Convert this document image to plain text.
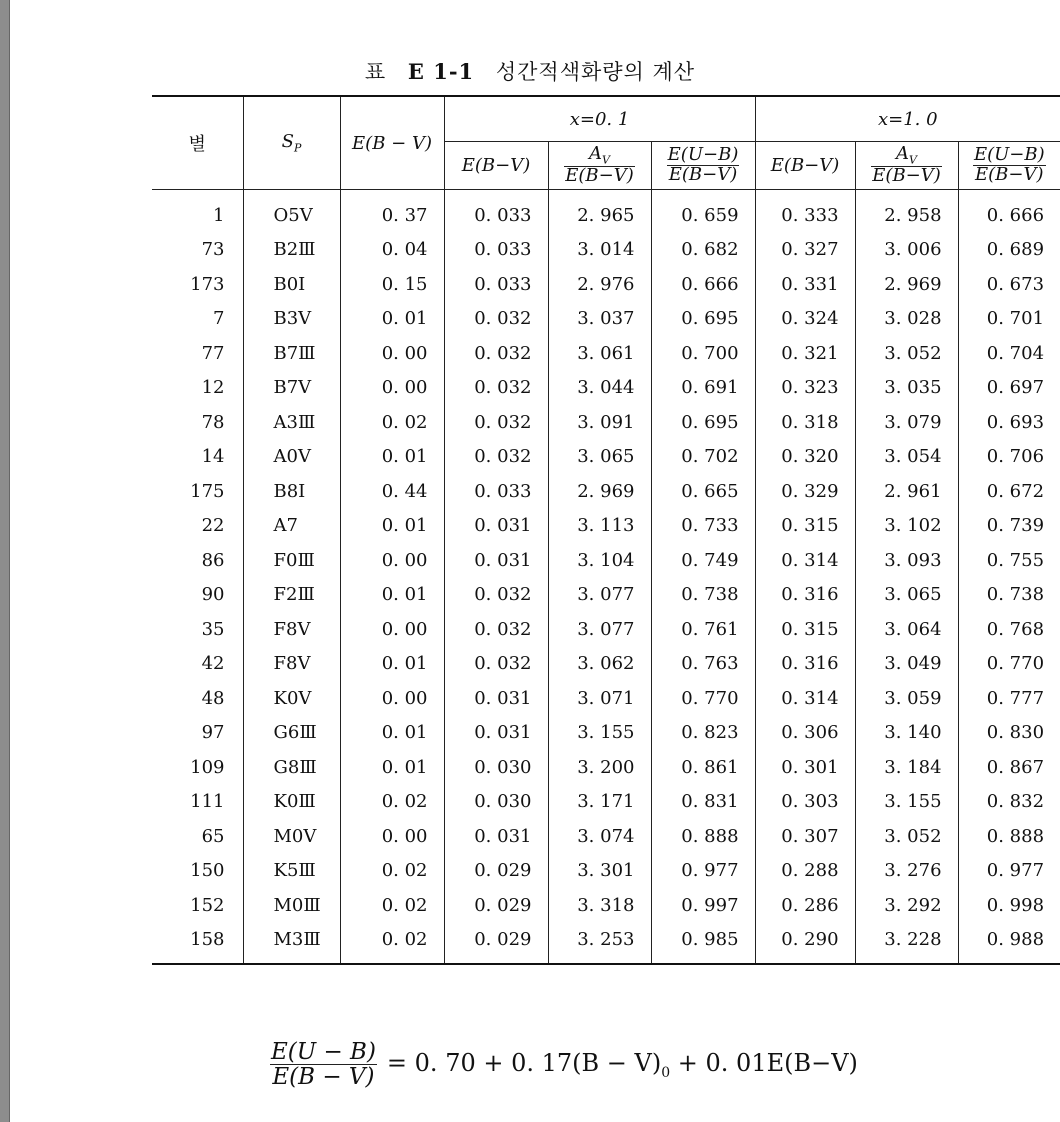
표 E 1-1 성간적색화량의 계산
별	$S_P$	E(B − V)	x=0. 1			x=1. 0		
			E(B−V)	$\frac{A_V}{E(B-V)}$	$\frac{E(U-B)}{E(B-V)}$	E(B−V)	$\frac{A_V}{E(B-V)}$	$\frac{E(U-B)}{E(B-V)}$

1	O5V	0. 37	0. 033	2. 965	0. 659	0. 333	2. 958	0. 666
73	B2Ⅲ	0. 04	0. 033	3. 014	0. 682	0. 327	3. 006	0. 689
173	B0Ⅰ	0. 15	0. 033	2. 976	0. 666	0. 331	2. 969	0. 673
7	B3V	0. 01	0. 032	3. 037	0. 695	0. 324	3. 028	0. 701
77	B7Ⅲ	0. 00	0. 032	3. 061	0. 700	0. 321	3. 052	0. 704
12	B7V	0. 00	0. 032	3. 044	0. 691	0. 323	3. 035	0. 697
78	A3Ⅲ	0. 02	0. 032	3. 091	0. 695	0. 318	3. 079	0. 693
14	A0V	0. 01	0. 032	3. 065	0. 702	0. 320	3. 054	0. 706
175	B8Ⅰ	0. 44	0. 033	2. 969	0. 665	0. 329	2. 961	0. 672
22	A7	0. 01	0. 031	3. 113	0. 733	0. 315	3. 102	0. 739
86	F0Ⅲ	0. 00	0. 031	3. 104	0. 749	0. 314	3. 093	0. 755
90	F2Ⅲ	0. 01	0. 032	3. 077	0. 738	0. 316	3. 065	0. 738
35	F8V	0. 00	0. 032	3. 077	0. 761	0. 315	3. 064	0. 768
42	F8V	0. 01	0. 032	3. 062	0. 763	0. 316	3. 049	0. 770
48	K0V	0. 00	0. 031	3. 071	0. 770	0. 314	3. 059	0. 777
97	G6Ⅲ	0. 01	0. 031	3. 155	0. 823	0. 306	3. 140	0. 830
109	G8Ⅲ	0. 01	0. 030	3. 200	0. 861	0. 301	3. 184	0. 867
111	K0Ⅲ	0. 02	0. 030	3. 171	0. 831	0. 303	3. 155	0. 832
65	M0V	0. 00	0. 031	3. 074	0. 888	0. 307	3. 052	0. 888
150	K5Ⅲ	0. 02	0. 029	3. 301	0. 977	0. 288	3. 276	0. 977
152	M0Ⅲ	0. 02	0. 029	3. 318	0. 997	0. 286	3. 292	0. 998
158	M3Ⅲ	0. 02	0. 029	3. 253	0. 985	0. 290	3. 228	0. 988
$\frac{E(U - B)}{E(B - V)} = 0$. 70 + 0. $17(B - V)_0 + 0$. 01E(B−V)
